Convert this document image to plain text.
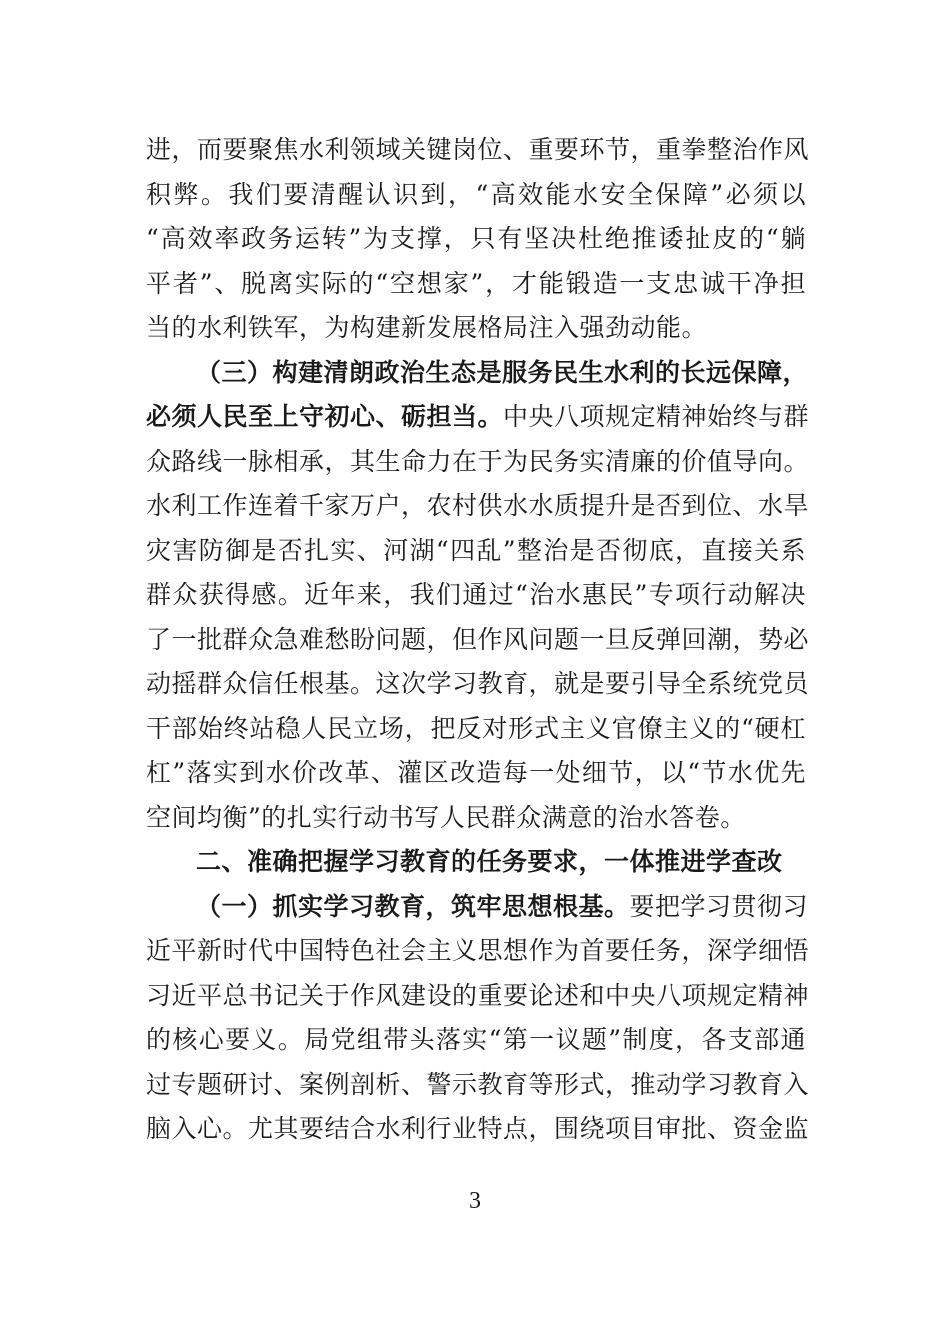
进，而要聚焦水利领域关键岗位、重要环节，重拳整治作风
积弊。我们要清醒认识到，“高效能水安全保障”必须以
“高效率政务运转”为支撑，只有坚决杜绝推诿扯皮的“躺
平者”、脱离实际的“空想家”，才能锻造一支忠诚干净担
当的水利铁军，为构建新发展格局注入强劲动能。
（三）构建清朗政治生态是服务民生水利的长远保障，
必须人民至上守初心、砺担当。中央八项规定精神始终与群
众路线一脉相承，其生命力在于为民务实清廉的价值导向。
水利工作连着千家万户，农村供水水质提升是否到位、水旱
灾害防御是否扎实、河湖“四乱”整治是否彻底，直接关系
群众获得感。近年来，我们通过“治水惠民”专项行动解决
了一批群众急难愁盼问题，但作风问题一旦反弹回潮，势必
动摇群众信任根基。这次学习教育，就是要引导全系统党员
干部始终站稳人民立场，把反对形式主义官僚主义的“硬杠
杠”落实到水价改革、灌区改造每一处细节，以“节水优先
空间均衡”的扎实行动书写人民群众满意的治水答卷。
二、准确把握学习教育的任务要求，一体推进学查改
（一）抓实学习教育，筑牢思想根基。要把学习贯彻习
近平新时代中国特色社会主义思想作为首要任务，深学细悟
习近平总书记关于作风建设的重要论述和中央八项规定精神
的核心要义。局党组带头落实“第一议题”制度，各支部通
过专题研讨、案例剖析、警示教育等形式，推动学习教育入
脑入心。尤其要结合水利行业特点，围绕项目审批、资金监
3
